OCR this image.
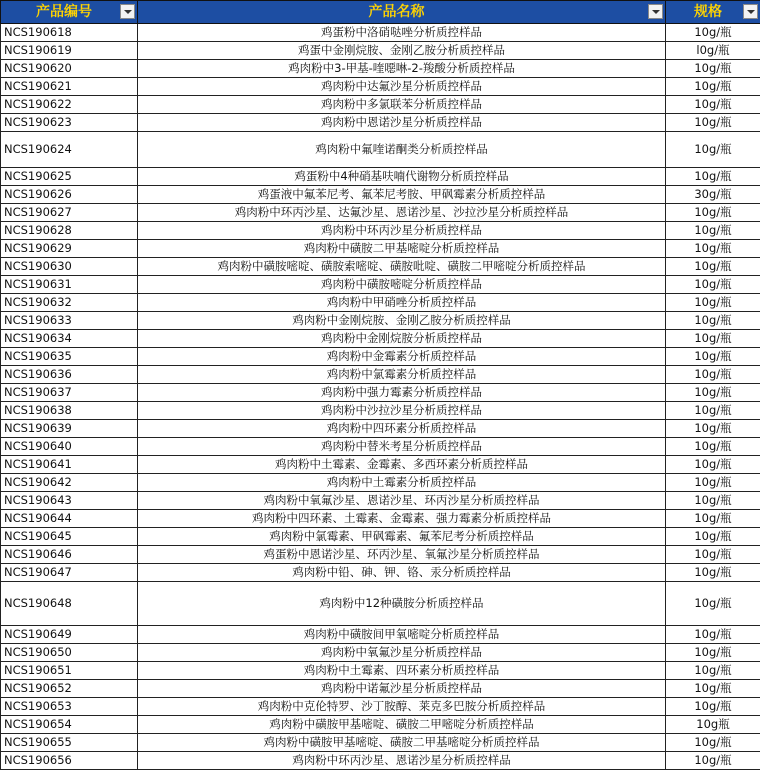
产品编号	产品名称	规格

NCS190618	鸡蛋粉中洛硝哒唑分析质控样品	10g/瓶
NCS190619	鸡蛋中金刚烷胺、金刚乙胺分析质控样品	l0g/瓶
NCS190620	鸡肉粉中3-甲基-喹噁啉-2-羧酸分析质控样品	10g/瓶
NCS190621	鸡肉粉中达氟沙星分析质控样品	10g/瓶
NCS190622	鸡肉粉中多氯联苯分析质控样品	10g/瓶
NCS190623	鸡肉粉中恩诺沙星分析质控样品	10g/瓶
NCS190624	鸡肉粉中氟喹诺酮类分析质控样品	10g/瓶
NCS190625	鸡蛋粉中4种硝基呋喃代谢物分析质控样品	10g/瓶
NCS190626	鸡蛋液中氟苯尼考、氟苯尼考胺、甲砜霉素分析质控样品	30g/瓶
NCS190627	鸡肉粉中环丙沙星、达氟沙星、恩诺沙星、沙拉沙星分析质控样品	10g/瓶
NCS190628	鸡肉粉中环丙沙星分析质控样品	10g/瓶
NCS190629	鸡肉粉中磺胺二甲基嘧啶分析质控样品	10g/瓶
NCS190630	鸡肉粉中磺胺嘧啶、磺胺索嘧啶、磺胺吡啶、磺胺二甲嘧啶分析质控样品	10g/瓶
NCS190631	鸡肉粉中磺胺嘧啶分析质控样品	10g/瓶
NCS190632	鸡肉粉中甲硝唑分析质控样品	10g/瓶
NCS190633	鸡肉粉中金刚烷胺、金刚乙胺分析质控样品	10g/瓶
NCS190634	鸡肉粉中金刚烷胺分析质控样品	10g/瓶
NCS190635	鸡肉粉中金霉素分析质控样品	10g/瓶
NCS190636	鸡肉粉中氯霉素分析质控样品	10g/瓶
NCS190637	鸡肉粉中强力霉素分析质控样品	10g/瓶
NCS190638	鸡肉粉中沙拉沙星分析质控样品	10g/瓶
NCS190639	鸡肉粉中四环素分析质控样品	10g/瓶
NCS190640	鸡肉粉中替米考星分析质控样品	10g/瓶
NCS190641	鸡肉粉中土霉素、金霉素、多西环素分析质控样品	10g/瓶
NCS190642	鸡肉粉中土霉素分析质控样品	10g/瓶
NCS190643	鸡肉粉中氧氟沙星、恩诺沙星、环丙沙星分析质控样品	10g/瓶
NCS190644	鸡肉粉中四环素、土霉素、金霉素、强力霉素分析质控样品	10g/瓶
NCS190645	鸡肉粉中氯霉素、甲砜霉素、氟苯尼考分析质控样品	10g/瓶
NCS190646	鸡蛋粉中恩诺沙星、环丙沙星、氧氟沙星分析质控样品	10g/瓶
NCS190647	鸡肉粉中铅、砷、钾、铬、汞分析质控样品	10g/瓶
NCS190648	鸡肉粉中12种磺胺分析质控样品	10g/瓶
NCS190649	鸡肉粉中磺胺间甲氧嘧啶分析质控样品	10g/瓶
NCS190650	鸡肉粉中氧氟沙星分析质控样品	10g/瓶
NCS190651	鸡肉粉中土霉素、四环素分析质控样品	10g/瓶
NCS190652	鸡肉粉中诺氟沙星分析质控样品	10g/瓶
NCS190653	鸡肉粉中克伦特罗、沙丁胺醇、莱克多巴胺分析质控样品	10g/瓶
NCS190654	鸡肉粉中磺胺甲基嘧啶、磺胺二甲嘧啶分析质控样品	10g瓶
NCS190655	鸡肉粉中磺胺甲基嘧啶、磺胺二甲基嘧啶分析质控样品	10g/瓶
NCS190656	鸡肉粉中环丙沙星、恩诺沙星分析质控样品	10g/瓶
